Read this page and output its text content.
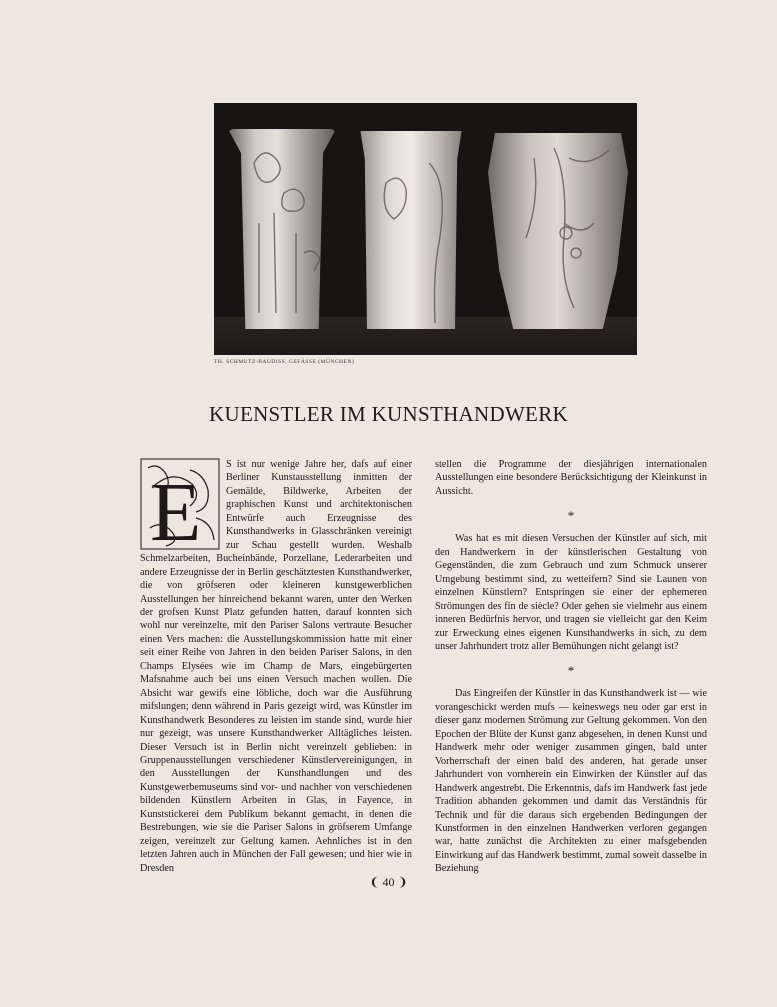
TH. SCHMUTZ-BAUDISS, GEFÄSSE (MÜNCHEN)
KUENSTLER IM KUNSTHANDWERK
E

S ist nur wenige Jahre her, dafs auf einer Berliner Kunstausstellung inmitten der Gemälde, Bildwerke, Arbeiten der graphischen Kunst und architektonischen Entwürfe auch Erzeugnisse des Kunsthandwerks in Glasschränken vereinigt zur Schau gestellt wurden. Weshalb Schmelzarbeiten, Bucheinbände, Porzellane, Lederarbeiten und andere Erzeugnisse der in Berlin geschätztesten Kunsthandwerker, die von gröfseren oder kleineren kunstgewerblichen Ausstellungen her hinreichend bekannt waren, unter den Werken der grofsen Kunst Platz gefunden hatten, darauf konnten sich wohl nur vereinzelte, mit den Pariser Salons vertraute Besucher einen Vers machen: die Ausstellungskommission hatte mit einer seit einer Reihe von Jahren in den beiden Pariser Salons, in den Champs Elysées wie im Champ de Mars, eingebürgerten Mafsnahme auch bei uns einen Versuch machen wollen. Die Absicht war gewifs eine löbliche, doch war die Ausführung mifslungen; denn während in Paris gezeigt wird, was Künstler im Kunsthandwerk Besonderes zu leisten im stande sind, wurde hier nur gezeigt, was unsere Kunsthandwerker Alltägliches leisten. Dieser Versuch ist in Berlin nicht vereinzelt geblieben: in Gruppenausstellungen verschiedener Künstlervereinigungen, in den Ausstellungen der Kunsthandlungen und des Kunstgewerbemuseums sind vor- und nachher von verschiedenen bildenden Künstlern Arbeiten in Glas, in Fayence, in Kunststickerei dem Publikum bekannt gemacht, in denen die Bestrebungen, wie sie die Pariser Salons in gröfserem Umfange zeigen, vereinzelt zur Geltung kamen. Aehnliches ist in den letzten Jahren auch in München der Fall gewesen; und hier wie in Dresden

stellen die Programme der diesjährigen internationalen Ausstellungen eine besondere Berücksichtigung der Kleinkunst in Aussicht.

*

Was hat es mit diesen Versuchen der Künstler auf sich, mit den Handwerkern in der künstlerischen Gestaltung von Gegenständen, die zum Gebrauch und zum Schmuck unserer Umgebung bestimmt sind, zu wetteifern? Sind sie Launen von einzelnen Künstlern? Entspringen sie einer der ephemeren Strömungen des fin de siècle? Oder gehen sie vielmehr aus einem inneren Bedürfnis hervor, und tragen sie vielleicht gar den Keim zur Erweckung eines eigenen Kunsthandwerks in sich, zu dem unser Jahrhundert trotz aller Bemühungen nicht gelangt ist?

*

Das Eingreifen der Künstler in das Kunsthandwerk ist — wie vorangeschickt werden mufs — keineswegs neu oder gar erst in dieser ganz modernen Strömung zur Geltung gekommen. Von den Epochen der Blüte der Kunst ganz abgesehen, in denen Kunst und Handwerk mehr oder weniger zusammen gingen, bald unter Vorherrschaft der einen bald des anderen, hat gerade unser Jahrhundert von vornherein ein Einwirken der Künstler auf das Handwerk angestrebt. Die Erkenntnis, dafs im Handwerk fast jede Tradition abhanden gekommen und damit das Verständnis für Technik und für die daraus sich ergebenden Bedingungen der Kunstformen in den einzelnen Handwerken verloren gegangen war, hatte zunächst die Architekten zu einer mafsgebenden Einwirkung auf das Handwerk bestimmt, zumal soweit dasselbe in Beziehung

❨ 40 ❩
